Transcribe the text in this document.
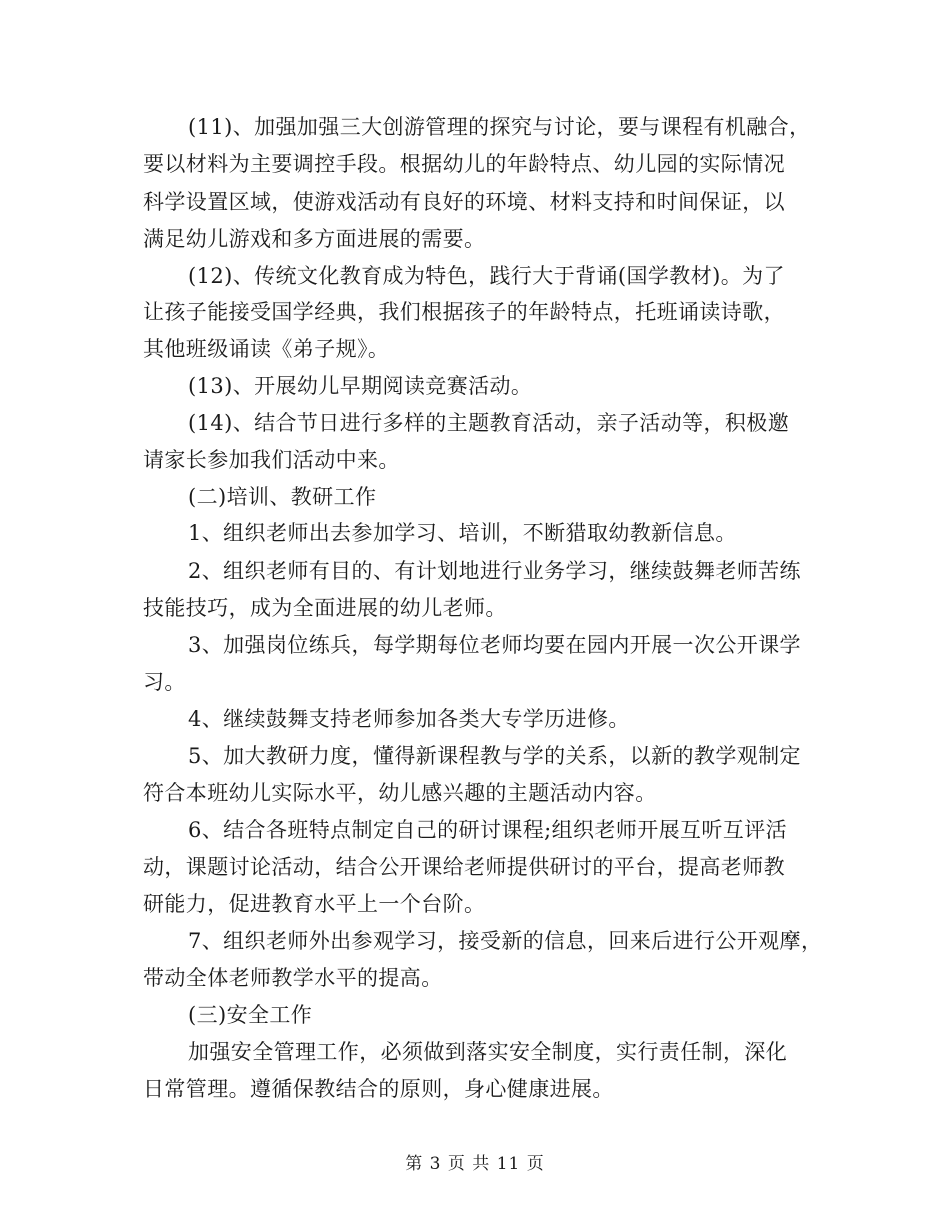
(11)、加强加强三大创游管理的探究与讨论，要与课程有机融合，
要以材料为主要调控手段。根据幼儿的年龄特点、幼儿园的实际情况
科学设置区域，使游戏活动有良好的环境、材料支持和时间保证，以
满足幼儿游戏和多方面进展的需要。
(12)、传统文化教育成为特色，践行大于背诵(国学教材)。为了
让孩子能接受国学经典，我们根据孩子的年龄特点，托班诵读诗歌，
其他班级诵读《弟子规》。
(13)、开展幼儿早期阅读竞赛活动。
(14)、结合节日进行多样的主题教育活动，亲子活动等，积极邀
请家长参加我们活动中来。
(二)培训、教研工作
1、组织老师出去参加学习、培训，不断猎取幼教新信息。
2、组织老师有目的、有计划地进行业务学习，继续鼓舞老师苦练
技能技巧，成为全面进展的幼儿老师。
3、加强岗位练兵，每学期每位老师均要在园内开展一次公开课学
习。
4、继续鼓舞支持老师参加各类大专学历进修。
5、加大教研力度，懂得新课程教与学的关系，以新的教学观制定
符合本班幼儿实际水平，幼儿感兴趣的主题活动内容。
6、结合各班特点制定自己的研讨课程;组织老师开展互听互评活
动，课题讨论活动，结合公开课给老师提供研讨的平台，提高老师教
研能力，促进教育水平上一个台阶。
7、组织老师外出参观学习，接受新的信息，回来后进行公开观摩，
带动全体老师教学水平的提高。
(三)安全工作
加强安全管理工作，必须做到落实安全制度，实行责任制，深化
日常管理。遵循保教结合的原则，身心健康进展。
第 3 页 共 11 页
